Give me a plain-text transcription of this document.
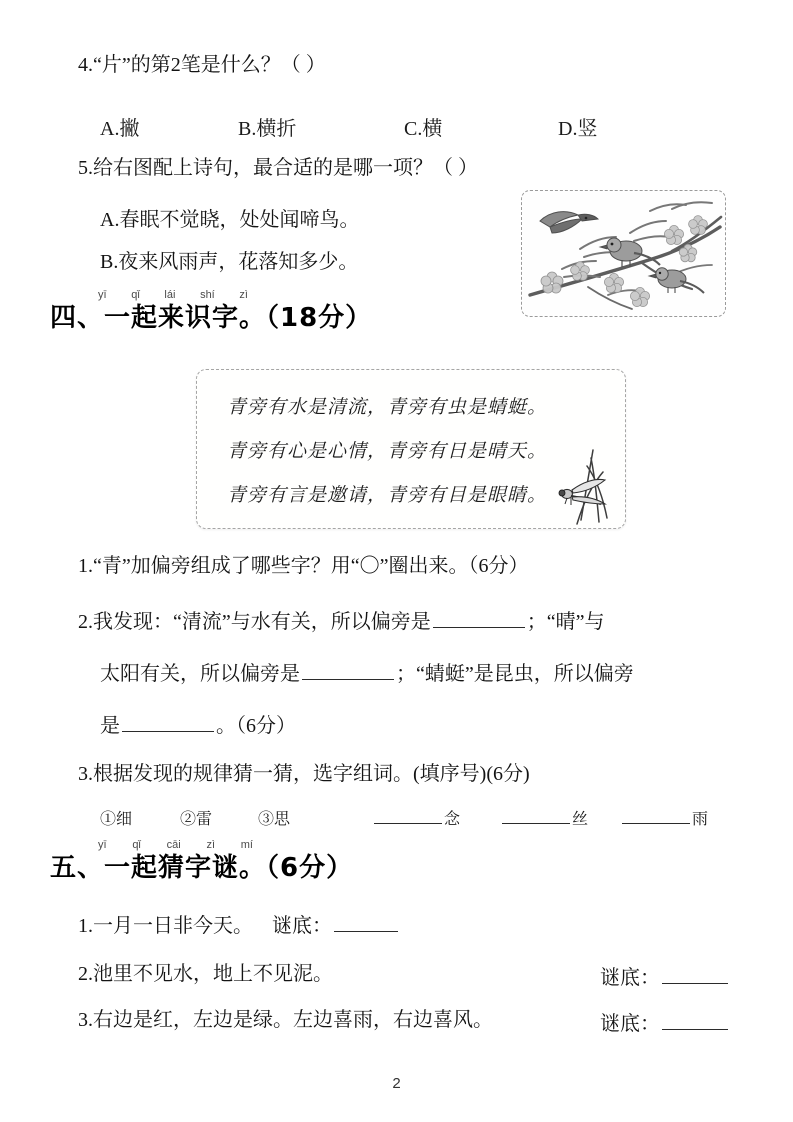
4.“片”的第2笔是什么？（ ）
A.撇	B.横折	C.横	D.竖
5.给右图配上诗句，最合适的是哪一项？（ ）
A.春眠不觉晓，处处闻啼鸟。
B.夜来风雨声，花落知多少。
yī qǐ lái shí zì
四、一起来识字。（18分）
青旁有水是清流，青旁有虫是蜻蜓。
青旁有心是心情，青旁有日是晴天。
青旁有言是邀请，青旁有目是眼睛。
1.“青”加偏旁组成了哪些字？用“〇”圈出来。（6分）
2.我发现：“清流”与水有关，所以偏旁是	；“晴”与
太阳有关，所以偏旁是	；“蜻蜓”是昆虫，所以偏旁
是	。（6分）
3.根据发现的规律猜一猜，选字组词。(填序号)(6分)
①细	②雷	③思	念	丝	雨
yī qǐ cāi zì mí
五、一起猜字谜。（6分）
1.一月一日非今天。 谜底：
2.池里不见水，地上不见泥。	谜底：
3.右边是红，左边是绿。左边喜雨，右边喜风。	谜底：
2
